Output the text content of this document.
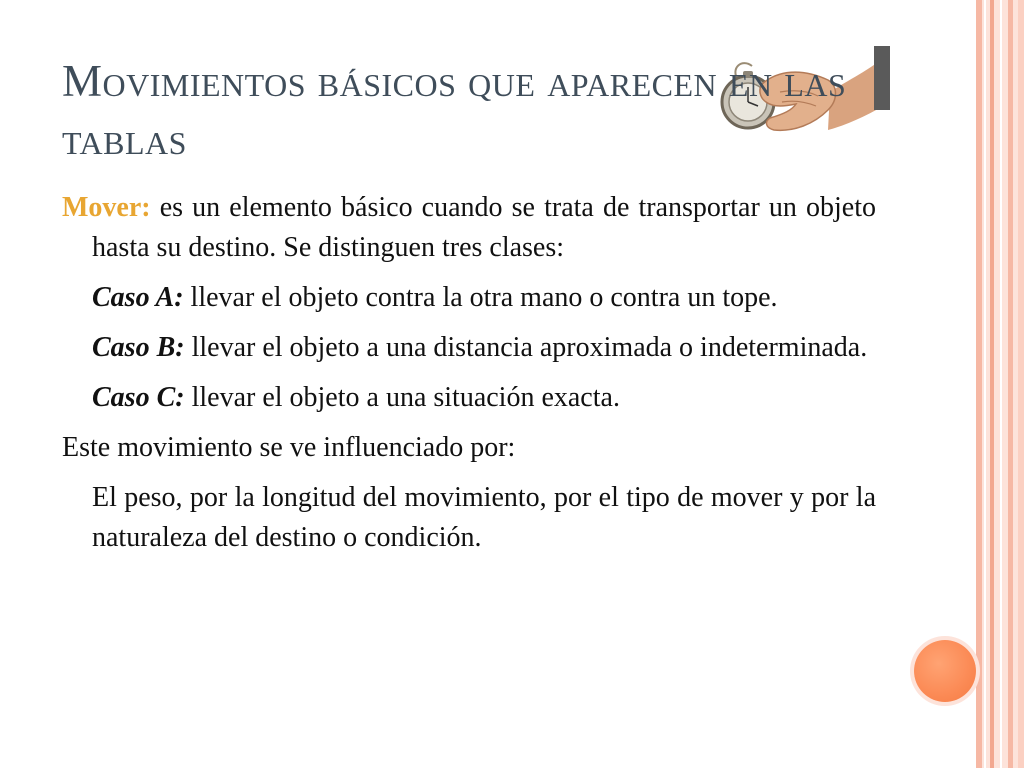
Movimientos básicos que aparecen en las tablas

Mover: es un elemento básico cuando se trata de transportar un objeto hasta su destino. Se distinguen tres clases:

Caso A: llevar el objeto contra la otra mano o contra un tope.

Caso B: llevar el objeto a una distancia aproximada o indeterminada.

Caso C: llevar el objeto a una situación exacta.

Este movimiento se ve influenciado por:

El peso, por la longitud del movimiento, por el tipo de mover y por la naturaleza del destino o condición.
